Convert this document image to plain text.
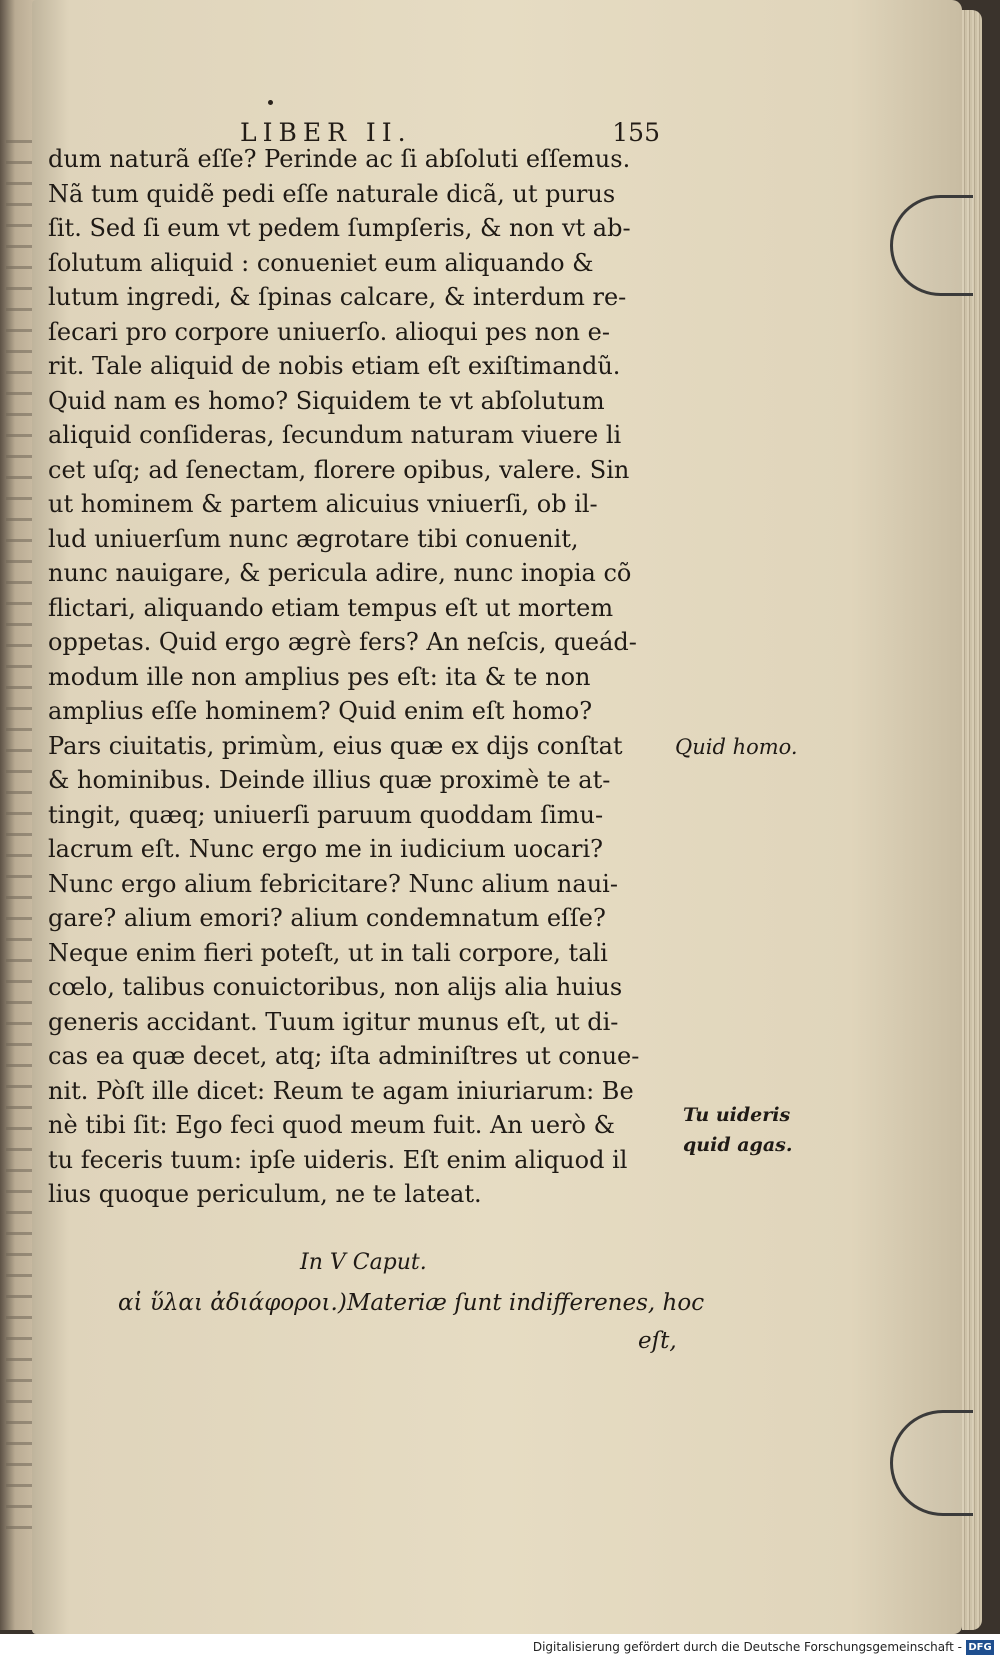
LIBER II.	155
dum naturã eſſe? Perinde ac ſi abſoluti eſſemus.
Nã tum quidẽ pedi eſſe naturale dicã, ut purus
ſit. Sed ſi eum vt pedem ſumpſeris, & non vt ab-
ſolutum aliquid : conueniet eum aliquando &
lutum ingredi, & ſpinas calcare, & interdum re-
ſecari pro corpore uniuerſo. alioqui pes non e-
rit. Tale aliquid de nobis etiam eſt exiſtimandũ.
Quid nam es homo? Siquidem te vt abſolutum
aliquid conſideras, ſecundum naturam viuere li
cet uſq; ad ſenectam, florere opibus, valere. Sin
ut hominem & partem alicuius vniuerſi, ob il-
lud uniuerſum nunc ægrotare tibi conuenit,
nunc nauigare, & pericula adire, nunc inopia cõ
flictari, aliquando etiam tempus eſt ut mortem
oppetas. Quid ergo ægrè fers? An neſcis, queád-
modum ille non amplius pes eſt: ita & te non
amplius eſſe hominem? Quid enim eſt homo?
Pars ciuitatis, primùm, eius quæ ex dijs conſtat
& hominibus. Deinde illius quæ proximè te at-
tingit, quæq; uniuerſi paruum quoddam ſimu-
lacrum eſt. Nunc ergo me in iudicium uocari?
Nunc ergo alium febricitare? Nunc alium naui-
gare? alium emori? alium condemnatum eſſe?
Neque enim fieri poteſt, ut in tali corpore, tali
cœlo, talibus conuictoribus, non alijs alia huius
generis accidant. Tuum igitur munus eſt, ut di-
cas ea quæ decet, atq; iſta adminiſtres ut conue-
nit. Pòſt ille dicet: Reum te agam iniuriarum: Be
nè tibi ſit: Ego feci quod meum fuit. An uerò &
tu feceris tuum: ipſe uideris. Eſt enim aliquod il
lius quoque periculum, ne te lateat.
Quid homo.
Tu uideris
quid agas.
In V Caput.
αἱ ὕλαι ἀδιάφοροι.)Materiæ ſunt indifferenes, hoc
eſt,
Digitalisierung gefördert durch die Deutsche Forschungsgemeinschaft - DFG
